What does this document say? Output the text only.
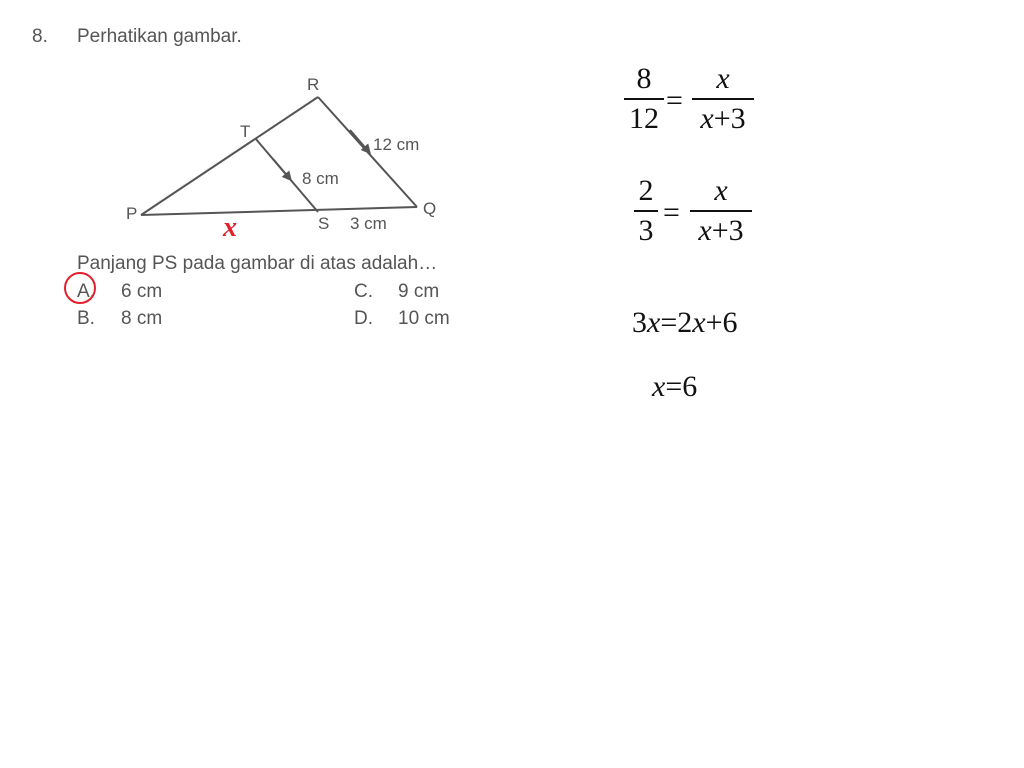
8. Perhatikan gambar.
R
T
P	Q
S
12 cm
8 cm
3 cm
x
Panjang PS pada gambar di atas adalah…
A. 6 cm
B. 8 cm
C. 9 cm
D. 10 cm
8
12
=
x
x+3
2
3
=
x
x+3
3x=2x+6
x=6
